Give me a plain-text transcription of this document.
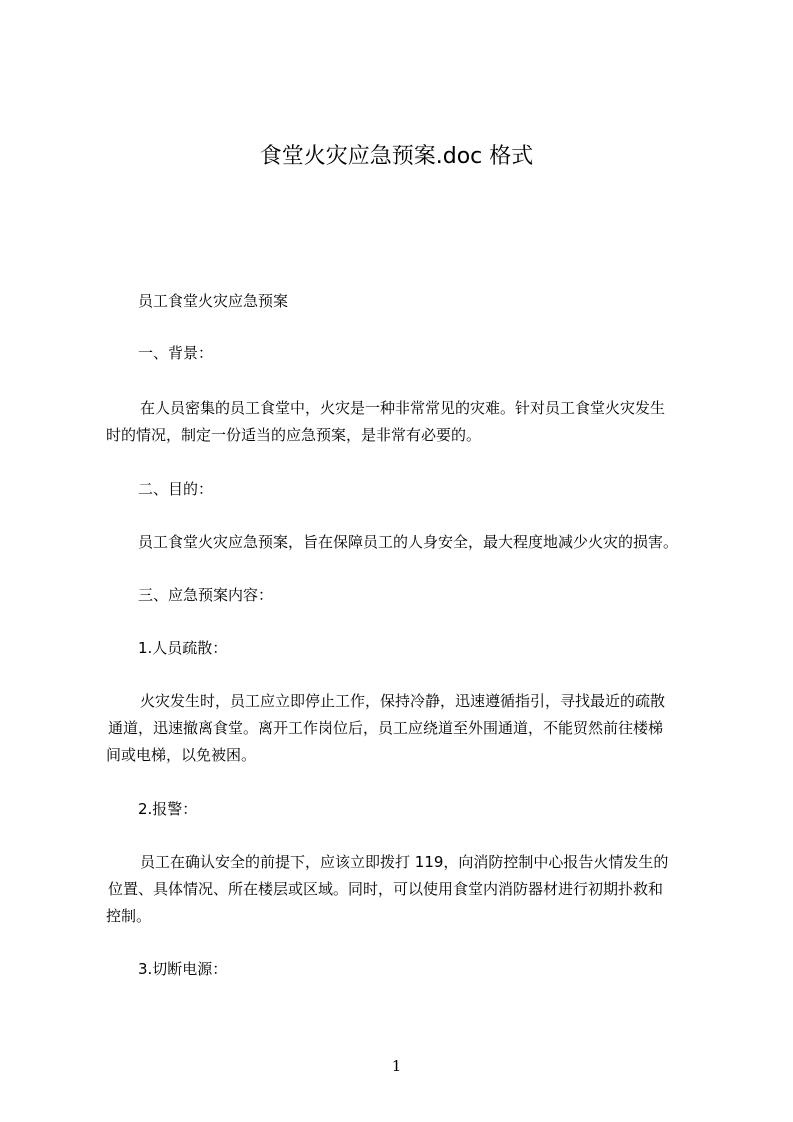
食堂火灾应急预案.doc 格式
员工食堂火灾应急预案
一、背景：
在人员密集的员工食堂中，火灾是一种非常常见的灾难。针对员工食堂火灾发生
时的情况，制定一份适当的应急预案，是非常有必要的。
二、目的：
员工食堂火灾应急预案，旨在保障员工的人身安全，最大程度地减少火灾的损害。
三、应急预案内容：
1.人员疏散：
火灾发生时，员工应立即停止工作，保持冷静，迅速遵循指引，寻找最近的疏散
通道，迅速撤离食堂。离开工作岗位后，员工应绕道至外围通道，不能贸然前往楼梯
间或电梯，以免被困。
2.报警：
员工在确认安全的前提下，应该立即拨打 119，向消防控制中心报告火情发生的
位置、具体情况、所在楼层或区域。同时，可以使用食堂内消防器材进行初期扑救和
控制。
3.切断电源：
1
